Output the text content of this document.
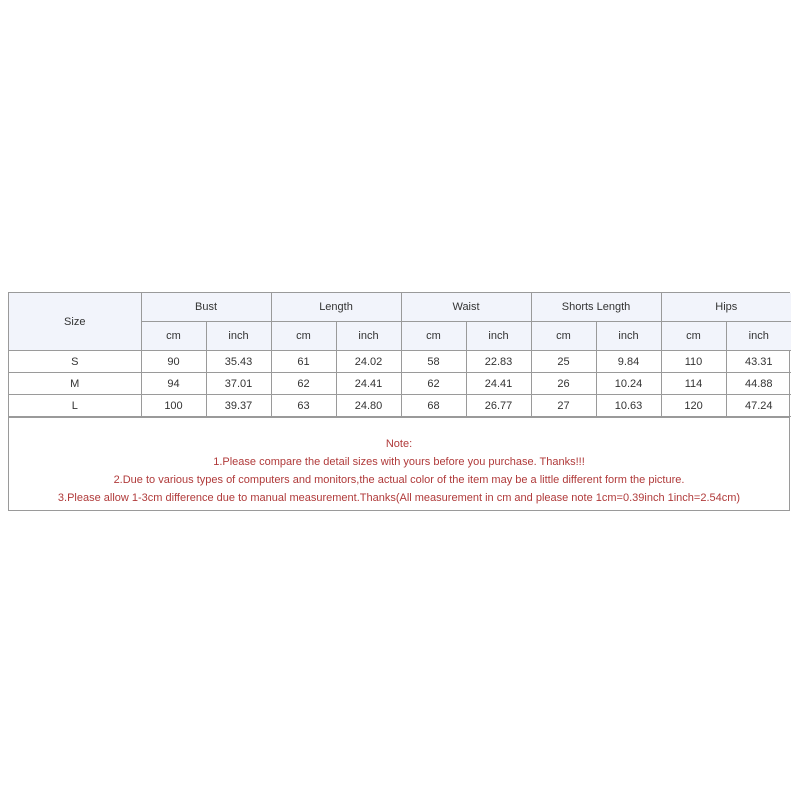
Size	Bust		Length		Waist		Shorts Length		Hips	
	cm	inch	cm	inch	cm	inch	cm	inch	cm	inch
S	90	35.43	61	24.02	58	22.83	25	9.84	110	43.31
M	94	37.01	62	24.41	62	24.41	26	10.24	114	44.88
L	100	39.37	63	24.80	68	26.77	27	10.63	120	47.24
Note:
1.Please compare the detail sizes with yours before you purchase. Thanks!!!
2.Due to various types of computers and monitors,the actual color of the item may be a little different form the picture.
3.Please allow 1-3cm difference due to manual measurement.Thanks(All measurement in cm and please note 1cm=0.39inch 1inch=2.54cm)
